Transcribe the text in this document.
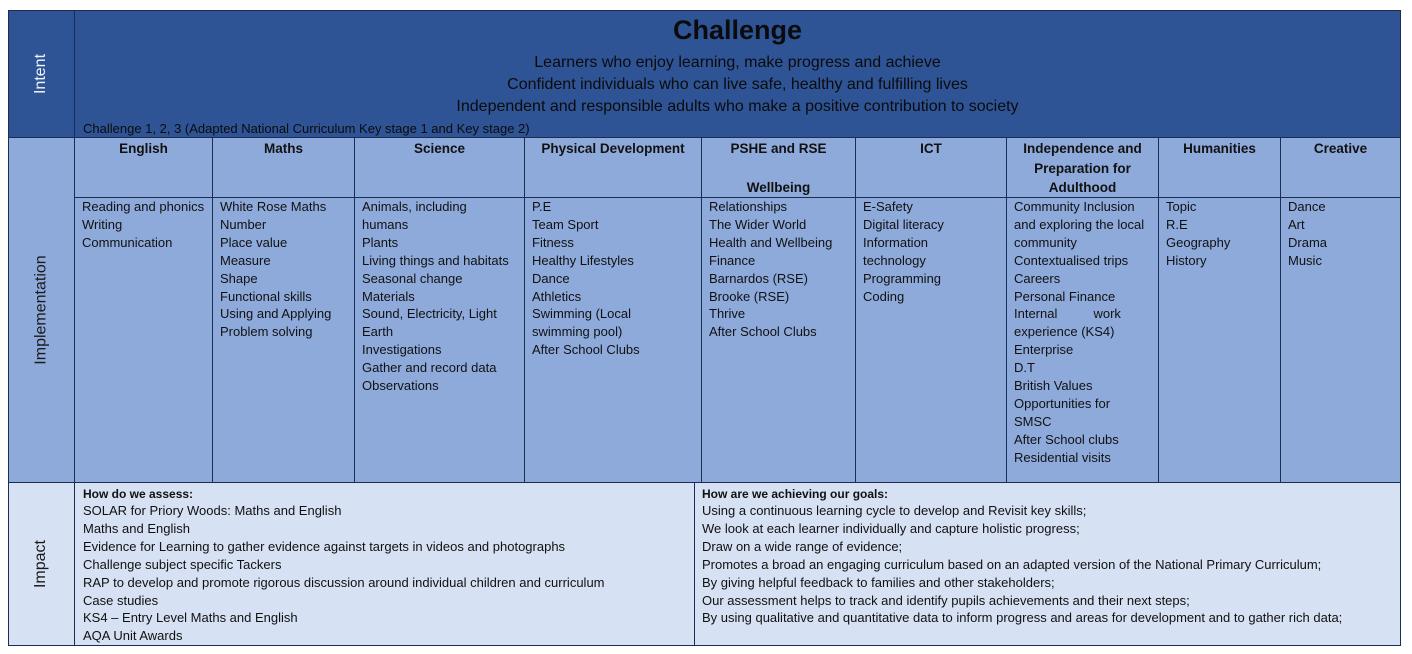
Intent
Implementation
Impact
Challenge
Learners who enjoy learning, make progress and achieve
Confident individuals who can live safe, healthy and fulfilling lives
Independent and responsible adults who make a positive contribution to society
Challenge 1, 2, 3 (Adapted National Curriculum Key stage 1 and Key stage 2)
English
Reading and phonics
Writing
Communication
Maths
White Rose Maths
Number
Place value
Measure
Shape
Functional skills
Using and Applying
Problem solving
Science
Animals, including
humans
Plants
Living things and habitats
Seasonal change
Materials
Sound, Electricity, Light
Earth
Investigations
Gather and record data
Observations
Physical Development
P.E
Team Sport
Fitness
Healthy Lifestyles
Dance
Athletics
Swimming (Local
swimming pool)
After School Clubs
PSHE and RSE

Wellbeing
Relationships
The Wider World
Health and Wellbeing
Finance
Barnardos (RSE)
Brooke (RSE)
Thrive
After School Clubs
ICT
E-Safety
Digital literacy
Information
technology
Programming
Coding
Independence and
Preparation for
Adulthood
Community Inclusion
and exploring the local
community
Contextualised trips
Careers
Personal Finance
Internal          work
experience (KS4)
Enterprise
D.T
British Values
Opportunities for
SMSC
After School clubs
Residential visits
Humanities
Topic
R.E
Geography
History
Creative
Dance
Art
Drama
Music
How do we assess:
SOLAR for Priory Woods: Maths and English
Maths and English
Evidence for Learning to gather evidence against targets in videos and photographs
Challenge subject specific Tackers
RAP to develop and promote rigorous discussion around individual children and curriculum
Case studies
KS4 – Entry Level Maths and English
AQA Unit Awards
How are we achieving our goals:
Using a continuous learning cycle to develop and Revisit key skills;
We look at each learner individually and capture holistic progress;
Draw on a wide range of evidence;
Promotes a broad an engaging curriculum based on an adapted version of the National Primary Curriculum;
By giving helpful feedback to families and other stakeholders;
Our assessment helps to track and identify pupils achievements and their next steps;
By using qualitative and quantitative data to inform progress and areas for development and to gather rich data;
